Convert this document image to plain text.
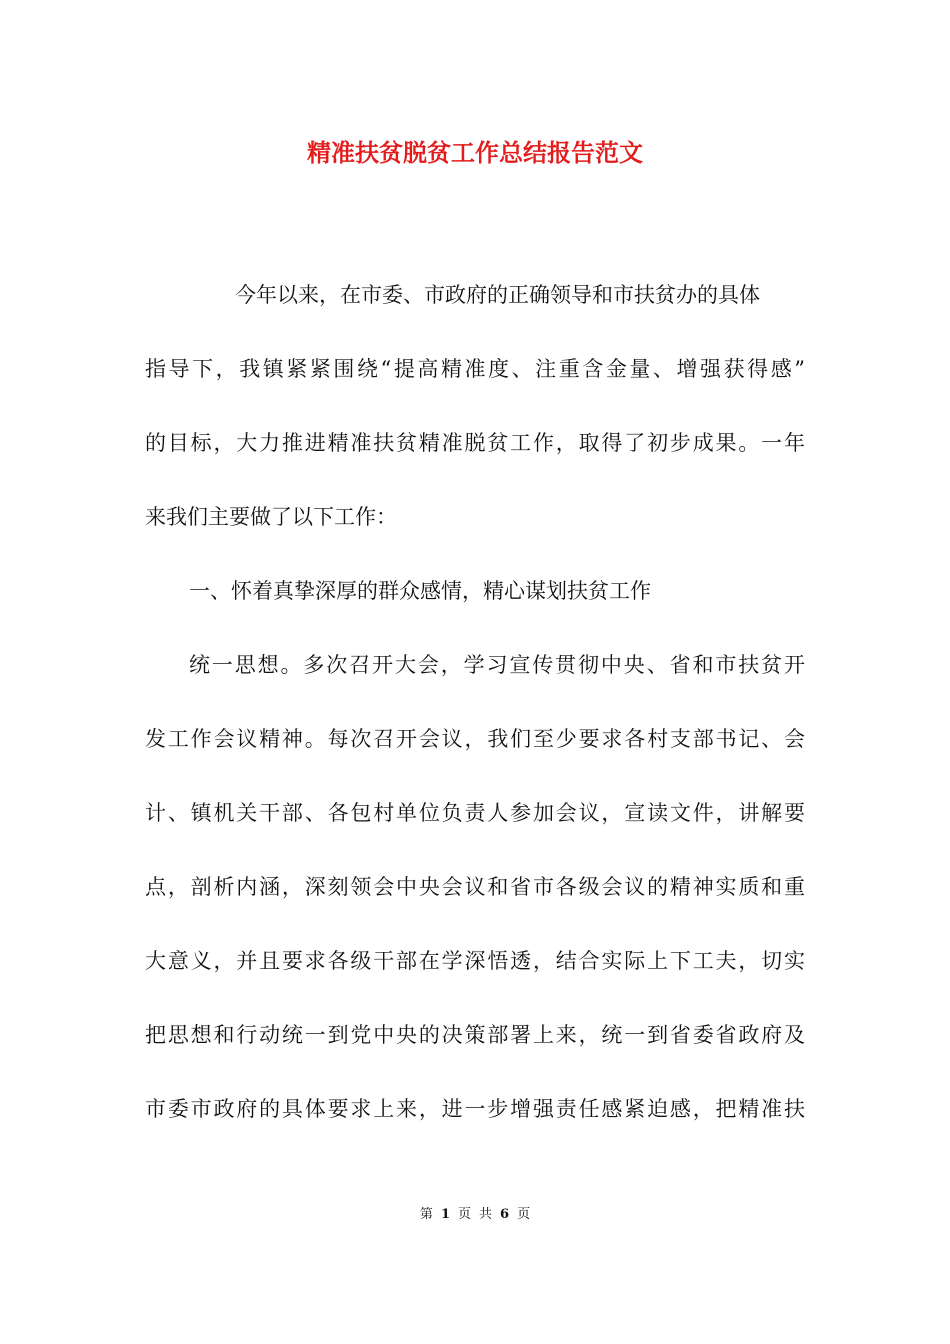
精准扶贫脱贫工作总结报告范文

今年以来，在市委、市政府的正确领导和市扶贫办的具体

指导下，我镇紧紧围绕“提高精准度、注重含金量、增强获得感”

的目标，大力推进精准扶贫精准脱贫工作，取得了初步成果。一年

来我们主要做了以下工作：

一、怀着真挚深厚的群众感情，精心谋划扶贫工作

统一思想。多次召开大会，学习宣传贯彻中央、省和市扶贫开

发工作会议精神。每次召开会议，我们至少要求各村支部书记、会

计、镇机关干部、各包村单位负责人参加会议，宣读文件，讲解要

点，剖析内涵，深刻领会中央会议和省市各级会议的精神实质和重

大意义，并且要求各级干部在学深悟透，结合实际上下工夫，切实

把思想和行动统一到党中央的决策部署上来，统一到省委省政府及

市委市政府的具体要求上来，进一步增强责任感紧迫感，把精准扶

第 1 页 共 6 页
